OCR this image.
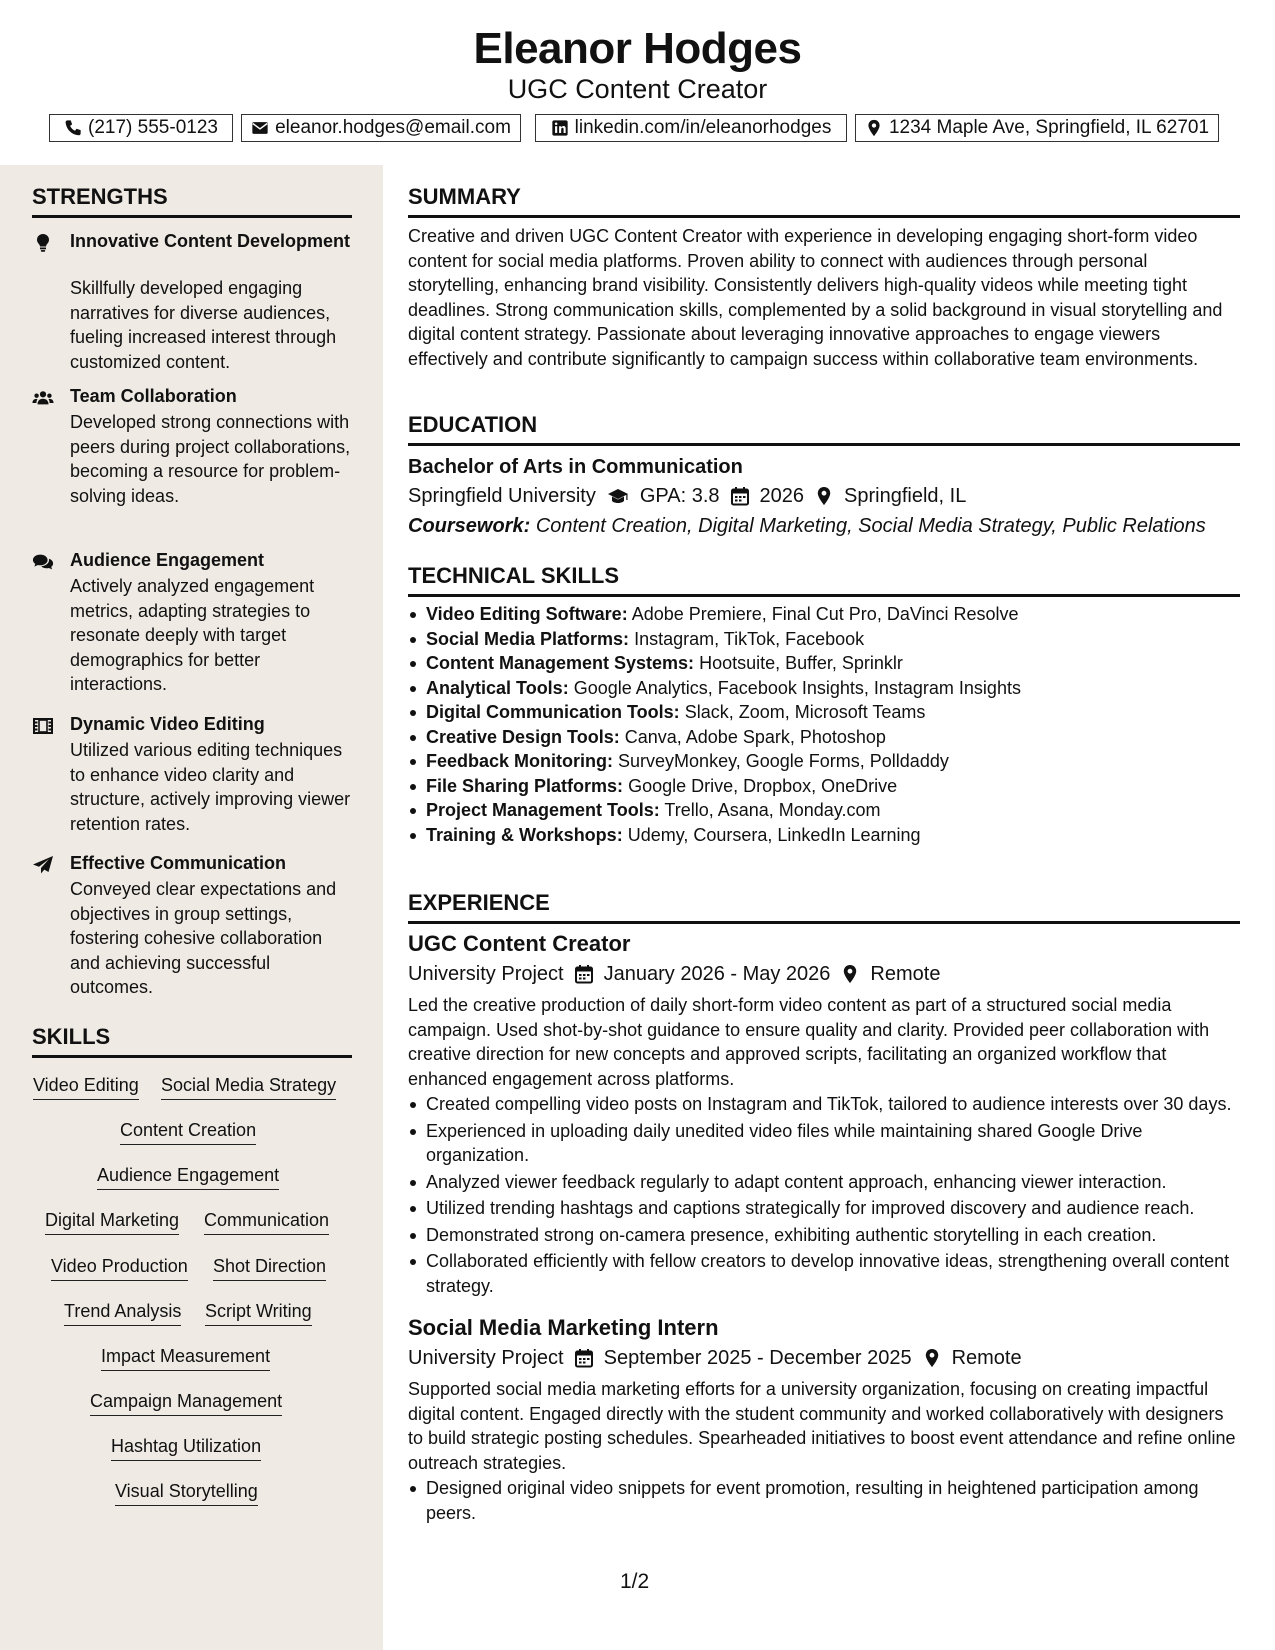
Eleanor Hodges
UGC Content Creator
(217) 555-0123	eleanor.hodges@email.com	linkedin.com/in/eleanorhodges	1234 Maple Ave, Springfield, IL 62701
STRENGTHS
Innovative Content Development
Skillfully developed engaging narratives for diverse audiences, fueling increased interest through customized content.
Team Collaboration
Developed strong connections with peers during project collaborations, becoming a resource for problem-solving ideas.
Audience Engagement
Actively analyzed engagement metrics, adapting strategies to resonate deeply with target demographics for better interactions.
Dynamic Video Editing
Utilized various editing techniques to enhance video clarity and structure, actively improving viewer retention rates.
Effective Communication
Conveyed clear expectations and objectives in group settings, fostering cohesive collaboration and achieving successful outcomes.
SKILLS
Video Editing Social Media Strategy
Content Creation
Audience Engagement
Digital Marketing Communication
Video Production Shot Direction
Trend Analysis Script Writing
Impact Measurement
Campaign Management
Hashtag Utilization
Visual Storytelling
SUMMARY
Creative and driven UGC Content Creator with experience in developing engaging short-form video content for social media platforms. Proven ability to connect with audiences through personal storytelling, enhancing brand visibility. Consistently delivers high-quality videos while meeting tight deadlines. Strong communication skills, complemented by a solid background in visual storytelling and digital content strategy. Passionate about leveraging innovative approaches to engage viewers effectively and contribute significantly to campaign success within collaborative team environments.
EDUCATION
Bachelor of Arts in Communication
Springfield University GPA: 3.8 2026 Springfield, IL
Coursework: Content Creation, Digital Marketing, Social Media Strategy, Public Relations
TECHNICAL SKILLS
Video Editing Software: Adobe Premiere, Final Cut Pro, DaVinci Resolve
Social Media Platforms: Instagram, TikTok, Facebook
Content Management Systems: Hootsuite, Buffer, Sprinklr
Analytical Tools: Google Analytics, Facebook Insights, Instagram Insights
Digital Communication Tools: Slack, Zoom, Microsoft Teams
Creative Design Tools: Canva, Adobe Spark, Photoshop
Feedback Monitoring: SurveyMonkey, Google Forms, Polldaddy
File Sharing Platforms: Google Drive, Dropbox, OneDrive
Project Management Tools: Trello, Asana, Monday.com
Training & Workshops: Udemy, Coursera, LinkedIn Learning
EXPERIENCE
UGC Content Creator
University Project January 2026 - May 2026 Remote
Led the creative production of daily short-form video content as part of a structured social media campaign. Used shot-by-shot guidance to ensure quality and clarity. Provided peer collaboration with creative direction for new concepts and approved scripts, facilitating an organized workflow that enhanced engagement across platforms.
Created compelling video posts on Instagram and TikTok, tailored to audience interests over 30 days.
Experienced in uploading daily unedited video files while maintaining shared Google Drive organization.
Analyzed viewer feedback regularly to adapt content approach, enhancing viewer interaction.
Utilized trending hashtags and captions strategically for improved discovery and audience reach.
Demonstrated strong on-camera presence, exhibiting authentic storytelling in each creation.
Collaborated efficiently with fellow creators to develop innovative ideas, strengthening overall content strategy.
Social Media Marketing Intern
University Project September 2025 - December 2025 Remote
Supported social media marketing efforts for a university organization, focusing on creating impactful digital content. Engaged directly with the student community and worked collaboratively with designers to build strategic posting schedules. Spearheaded initiatives to boost event attendance and refine online outreach strategies.
Designed original video snippets for event promotion, resulting in heightened participation among peers.
1/2
